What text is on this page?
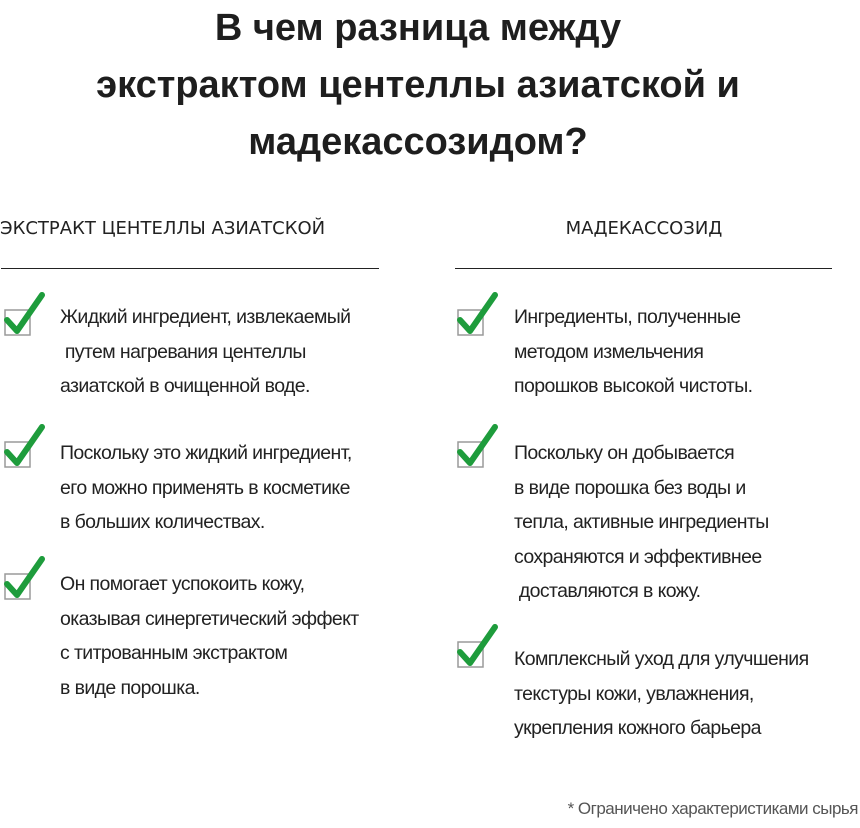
В чем разница между
экстрактом центеллы азиатской и
мадекассозидом?
ЭКСТРАКТ ЦЕНТЕЛЛЫ АЗИАТСКОЙ	МАДЕКАССОЗИД
Жидкий ингредиент, извлекаемый
путем нагревания центеллы
азиатской в очищенной воде.
Поскольку это жидкий ингредиент,
его можно применять в косметике
в больших количествах.
Он помогает успокоить кожу,
оказывая синергетический эффект
с титрованным экстрактом
в виде порошка.
Ингредиенты, полученные
методом измельчения
порошков высокой чистоты.
Поскольку он добывается
в виде порошка без воды и
тепла, активные ингредиенты
сохраняются и эффективнее
доставляются в кожу.
Комплексный уход для улучшения
текстуры кожи, увлажнения,
укрепления кожного барьера
* Ограничено характеристиками сырья
